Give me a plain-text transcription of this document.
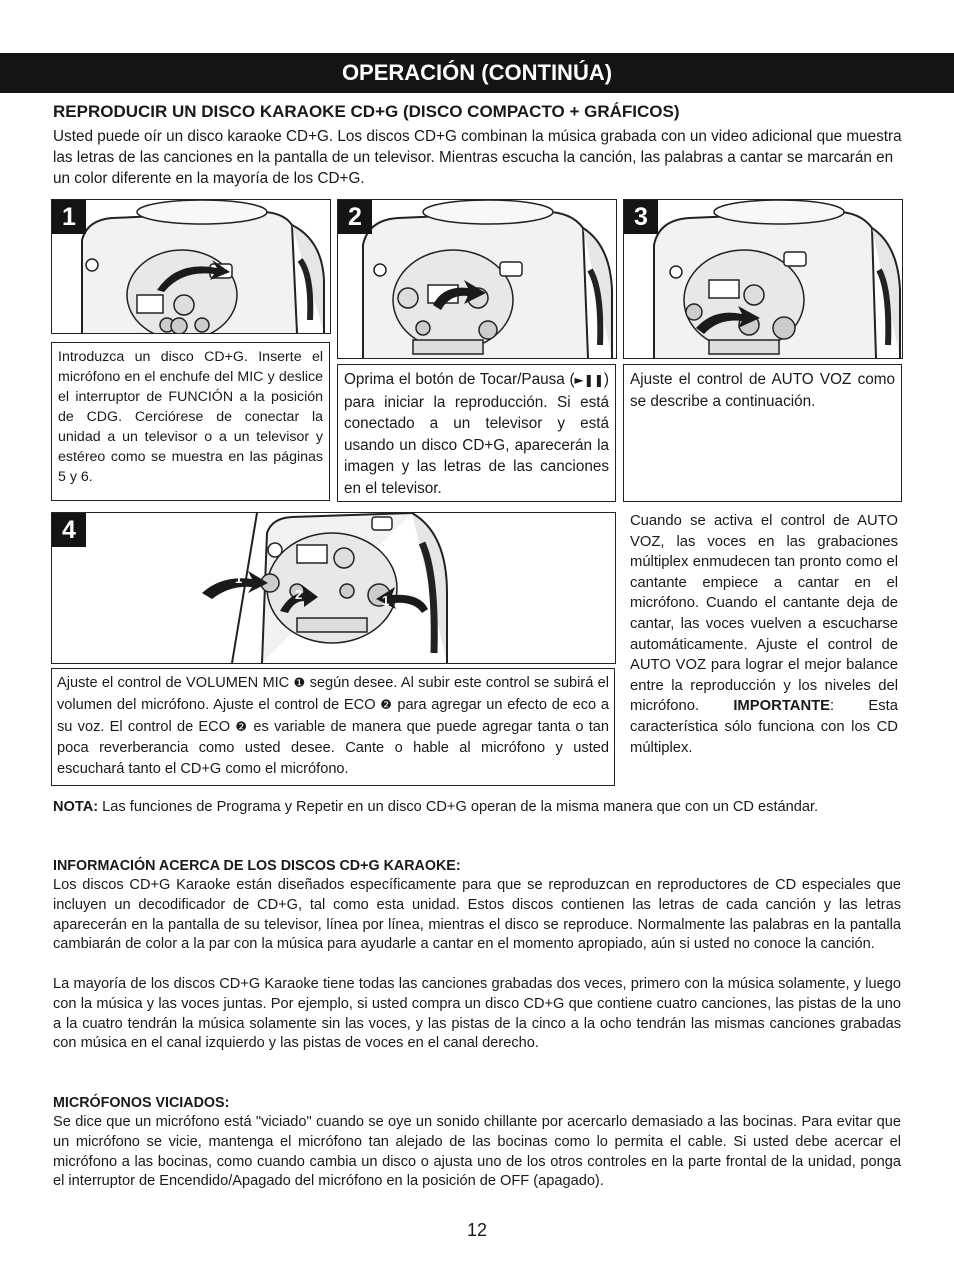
OPERACIÓN (CONTINÚA)
REPRODUCIR UN DISCO KARAOKE CD+G (DISCO COMPACTO + GRÁFICOS)
Usted puede oír un disco karaoke CD+G. Los discos CD+G combinan la música grabada con un video adicional que muestra las letras de las canciones en la pantalla de un televisor. Mientras escucha la canción, las palabras a cantar se marcarán en un color diferente en la mayoría de los CD+G.
1
Introduzca un disco CD+G. Inserte el micrófono en el enchufe del MIC y deslice el interruptor de FUNCIÓN a la posición de CDG. Cerciórese de conectar la unidad a un televisor o a un televisor y estéreo como se muestra en las páginas 5 y 6.
2
Oprima el botón de Tocar/Pausa (►❚❚) para iniciar la reproducción. Si está conectado a un televisor y está usando un disco CD+G, aparecerán la imagen y las letras de las canciones en el televisor.
3
Ajuste el control de AUTO VOZ como se describe a continuación.
4
1
2	1
Ajuste el control de VOLUMEN MIC ❶ según desee. Al subir este control se subirá el volumen del micrófono. Ajuste el control de ECO ❷ para agregar un efecto de eco a su voz. El control de ECO ❷ es variable de manera que puede agregar tanta o tan poca reverberancia como usted desee. Cante o hable al micrófono y usted escuchará tanto el CD+G como el micrófono.
Cuando se activa el control de AUTO VOZ, las voces en las grabaciones múltiplex enmudecen tan pronto como el cantante empiece a cantar en el micrófono. Cuando el cantante deja de cantar, las voces vuelven a escucharse automáticamente. Ajuste el control de AUTO VOZ para lograr el mejor balance entre la reproducción y los niveles del micrófono. IMPORTANTE: Esta característica sólo funciona con los CD múltiplex.
NOTA: Las funciones de Programa y Repetir en un disco CD+G operan de la misma manera que con un CD estándar.
INFORMACIÓN ACERCA DE LOS DISCOS CD+G KARAOKE:
Los discos CD+G Karaoke están diseñados específicamente para que se reproduzcan en reproductores de CD especiales que incluyen un decodificador de CD+G, tal como esta unidad. Estos discos contienen las letras de cada canción y las letras aparecerán en la pantalla de su televisor, línea por línea, mientras el disco se reproduce. Normalmente las palabras en la pantalla cambiarán de color a la par con la música para ayudarle a cantar en el momento apropiado, aún si usted no conoce la canción.
La mayoría de los discos CD+G Karaoke tiene todas las canciones grabadas dos veces, primero con la música solamente, y luego con la música y las voces juntas. Por ejemplo, si usted compra un disco CD+G que contiene cuatro canciones, las pistas de la uno a la cuatro tendrán la música solamente sin las voces, y las pistas de la cinco a la ocho tendrán las mismas canciones grabadas con música en el canal izquierdo y las pistas de voces en el canal derecho.
MICRÓFONOS VICIADOS:
Se dice que un micrófono está "viciado" cuando se oye un sonido chillante por acercarlo demasiado a las bocinas. Para evitar que un micrófono se vicie, mantenga el micrófono tan alejado de las bocinas como lo permita el cable. Si usted debe acercar el micrófono a las bocinas, como cuando cambia un disco o ajusta uno de los otros controles en la parte frontal de la unidad, ponga el interruptor de Encendido/Apagado del micrófono en la posición de OFF (apagado).
12
